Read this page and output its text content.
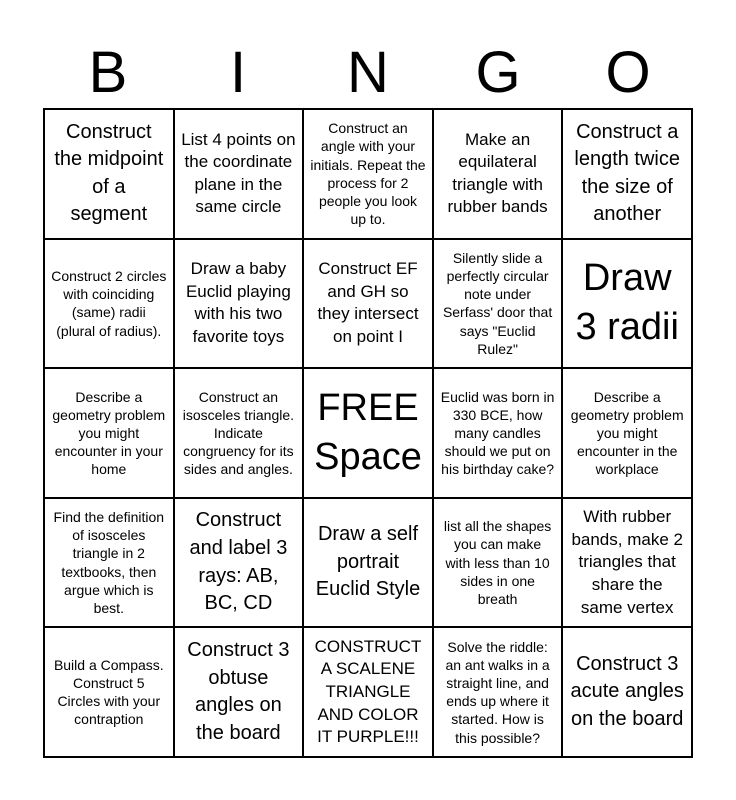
B	I	N	G	O
Construct the midpoint of a segment
List 4 points on the coordinate plane in the same circle
Construct an angle with your initials. Repeat the process for 2 people you look up to.
Make an equilateral triangle with rubber bands
Construct a length twice the size of another
Construct 2 circles with coinciding (same) radii (plural of radius).
Draw a baby Euclid playing with his two favorite toys
Construct EF and GH so they intersect on point I
Silently slide a perfectly circular note under Serfass' door that says "Euclid Rulez"
Draw 3 radii
Describe a geometry problem you might encounter in your home
Construct an isosceles triangle. Indicate congruency for its sides and angles.
FREE Space
Euclid was born in 330 BCE, how many candles should we put on his birthday cake?
Describe a geometry problem you might encounter in the workplace
Find the definition of isosceles triangle in 2 textbooks, then argue which is best.
Construct and label 3 rays: AB, BC, CD
Draw a self portrait Euclid Style
list all the shapes you can make with less than 10 sides in one breath
With rubber bands, make 2 triangles that share the same vertex
Build a Compass. Construct 5 Circles with your contraption
Construct 3 obtuse angles on the board
CONSTRUCT A SCALENE TRIANGLE AND COLOR IT PURPLE!!!
Solve the riddle: an ant walks in a straight line, and ends up where it started. How is this possible?
Construct 3 acute angles on the board
